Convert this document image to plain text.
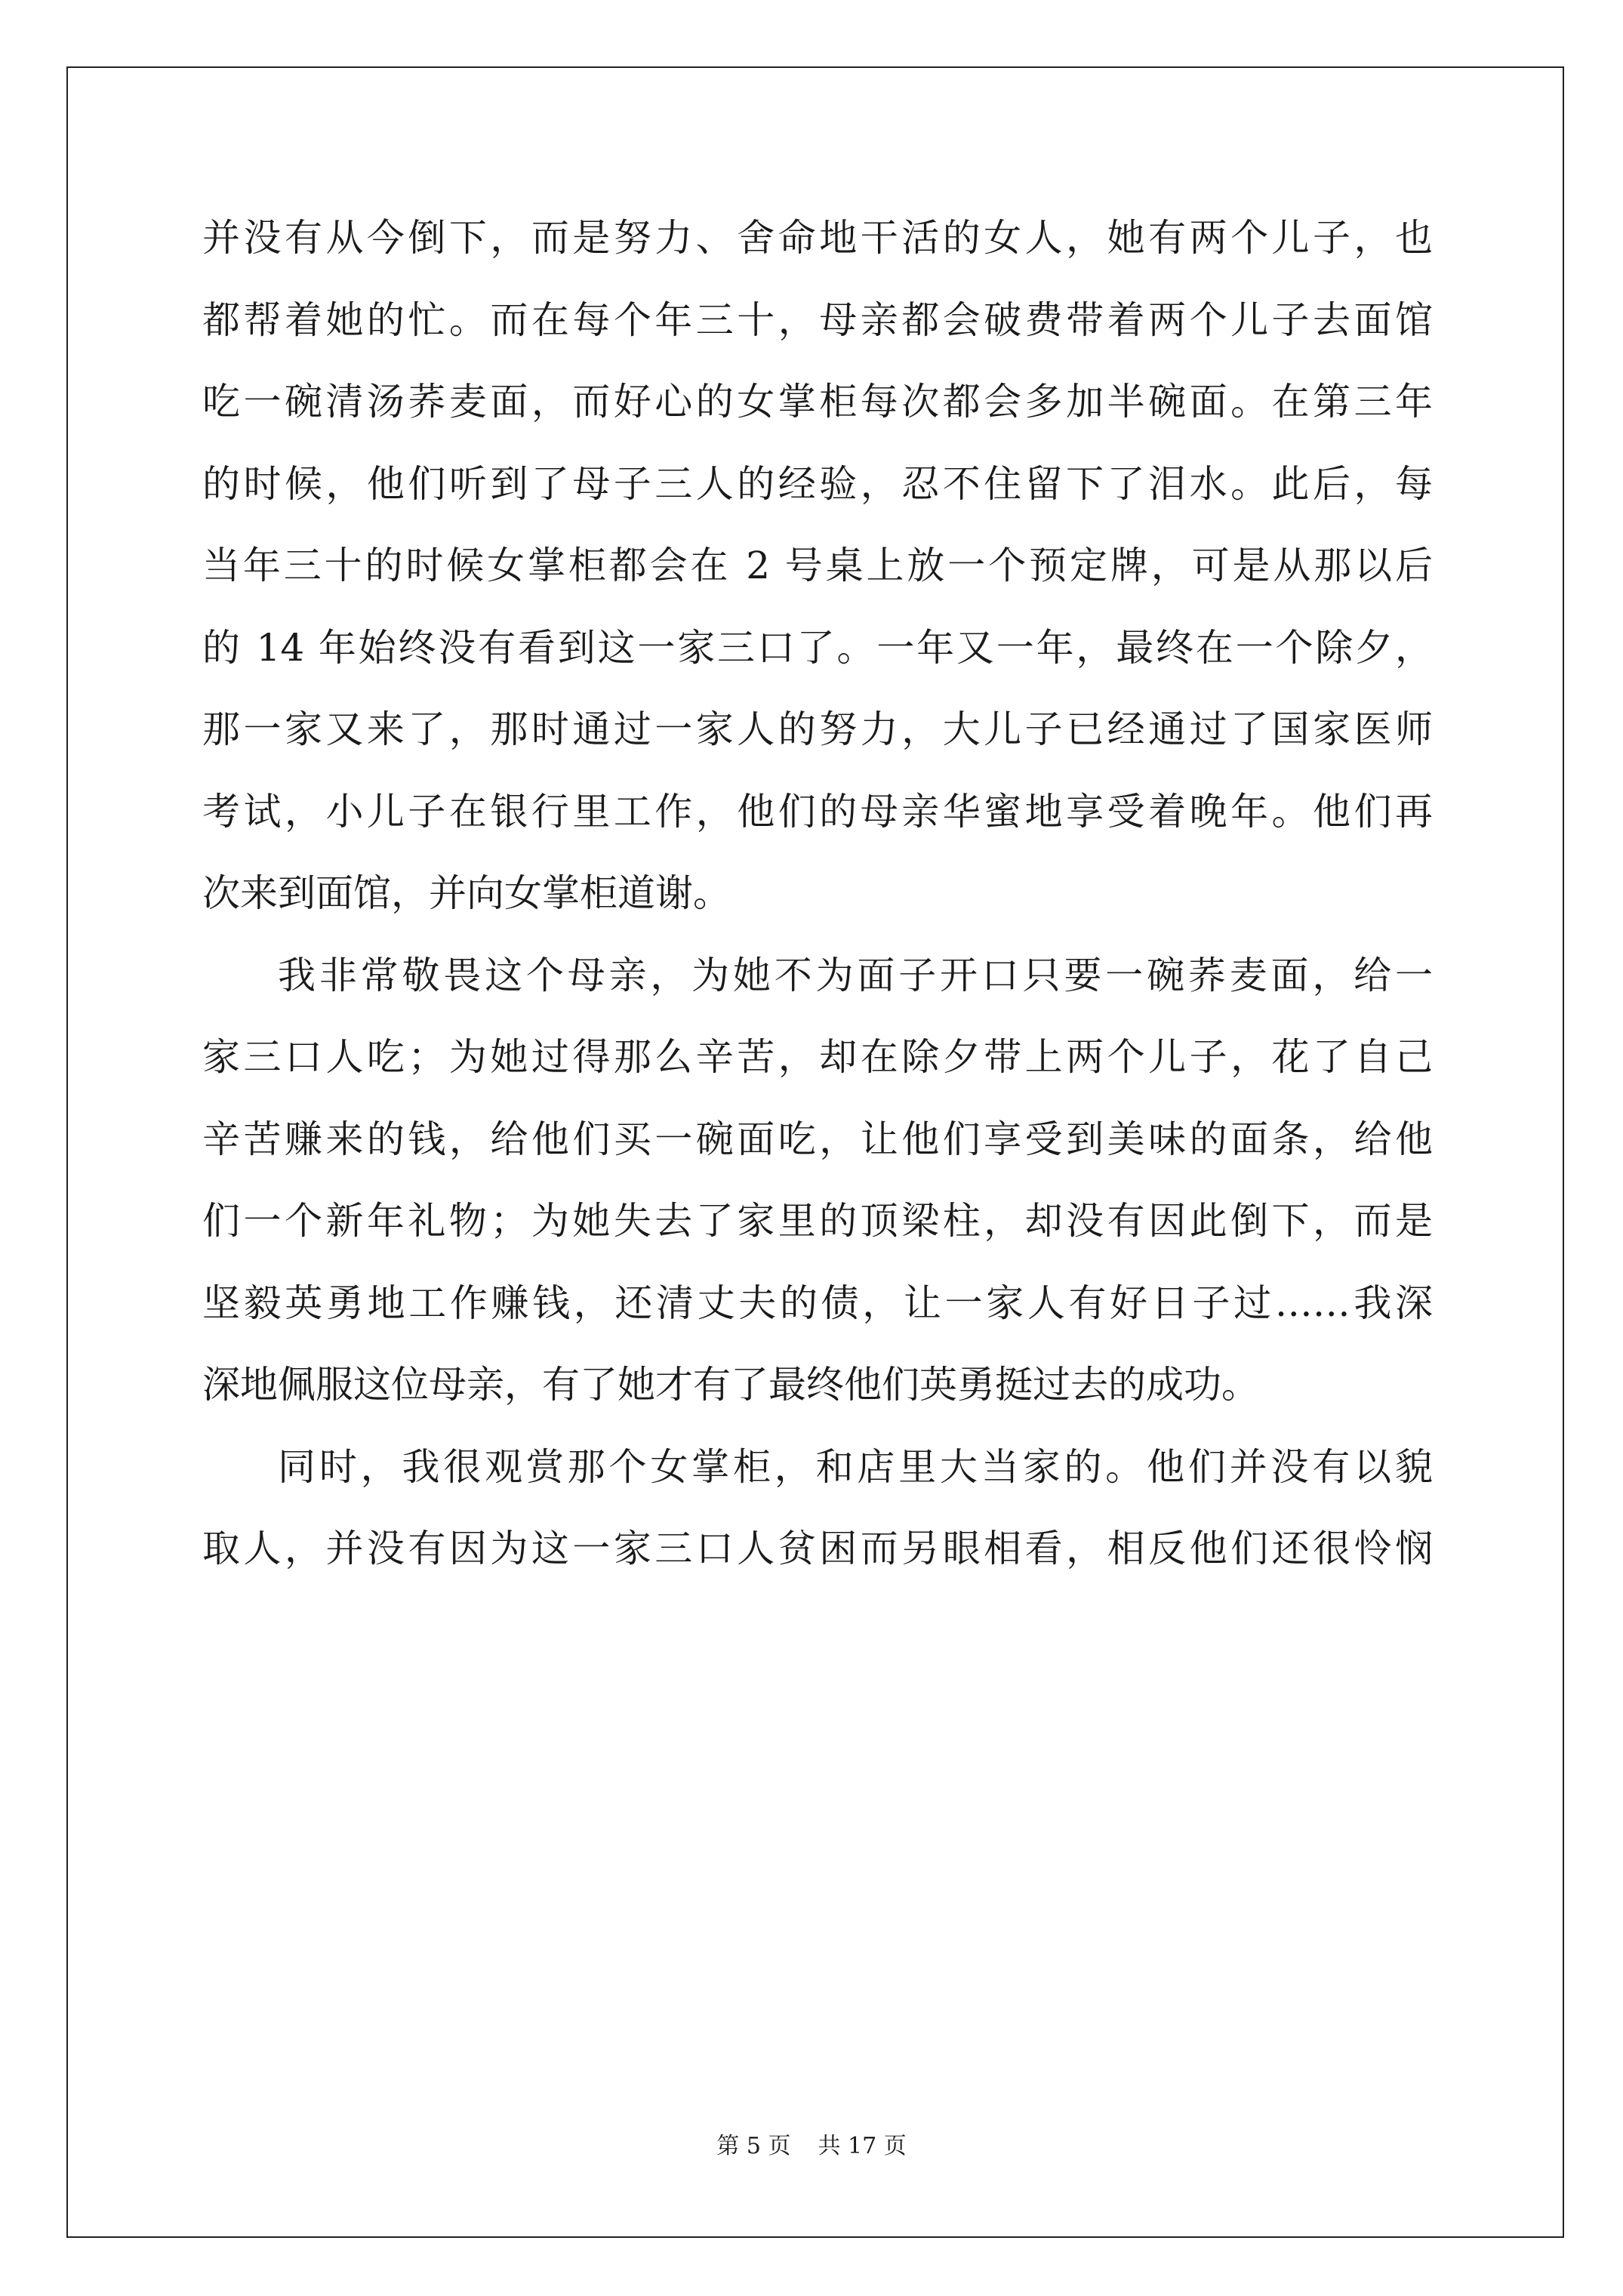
并没有从今倒下，而是努力、舍命地干活的女人，她有两个儿子，也
都帮着她的忙。而在每个年三十，母亲都会破费带着两个儿子去面馆
吃一碗清汤荞麦面，而好心的女掌柜每次都会多加半碗面。在第三年
的时候，他们听到了母子三人的经验，忍不住留下了泪水。此后，每
当年三十的时候女掌柜都会在 2 号桌上放一个预定牌，可是从那以后
的 14 年始终没有看到这一家三口了。一年又一年，最终在一个除夕，
那一家又来了，那时通过一家人的努力，大儿子已经通过了国家医师
考试，小儿子在银行里工作，他们的母亲华蜜地享受着晚年。他们再
次来到面馆，并向女掌柜道谢。
我非常敬畏这个母亲，为她不为面子开口只要一碗荞麦面，给一
家三口人吃；为她过得那么辛苦，却在除夕带上两个儿子，花了自己
辛苦赚来的钱，给他们买一碗面吃，让他们享受到美味的面条，给他
们一个新年礼物；为她失去了家里的顶梁柱，却没有因此倒下，而是
坚毅英勇地工作赚钱，还清丈夫的债，让一家人有好日子过……我深
深地佩服这位母亲，有了她才有了最终他们英勇挺过去的成功。
同时，我很观赏那个女掌柜，和店里大当家的。他们并没有以貌
取人，并没有因为这一家三口人贫困而另眼相看，相反他们还很怜悯
第 5 页 共 17 页
